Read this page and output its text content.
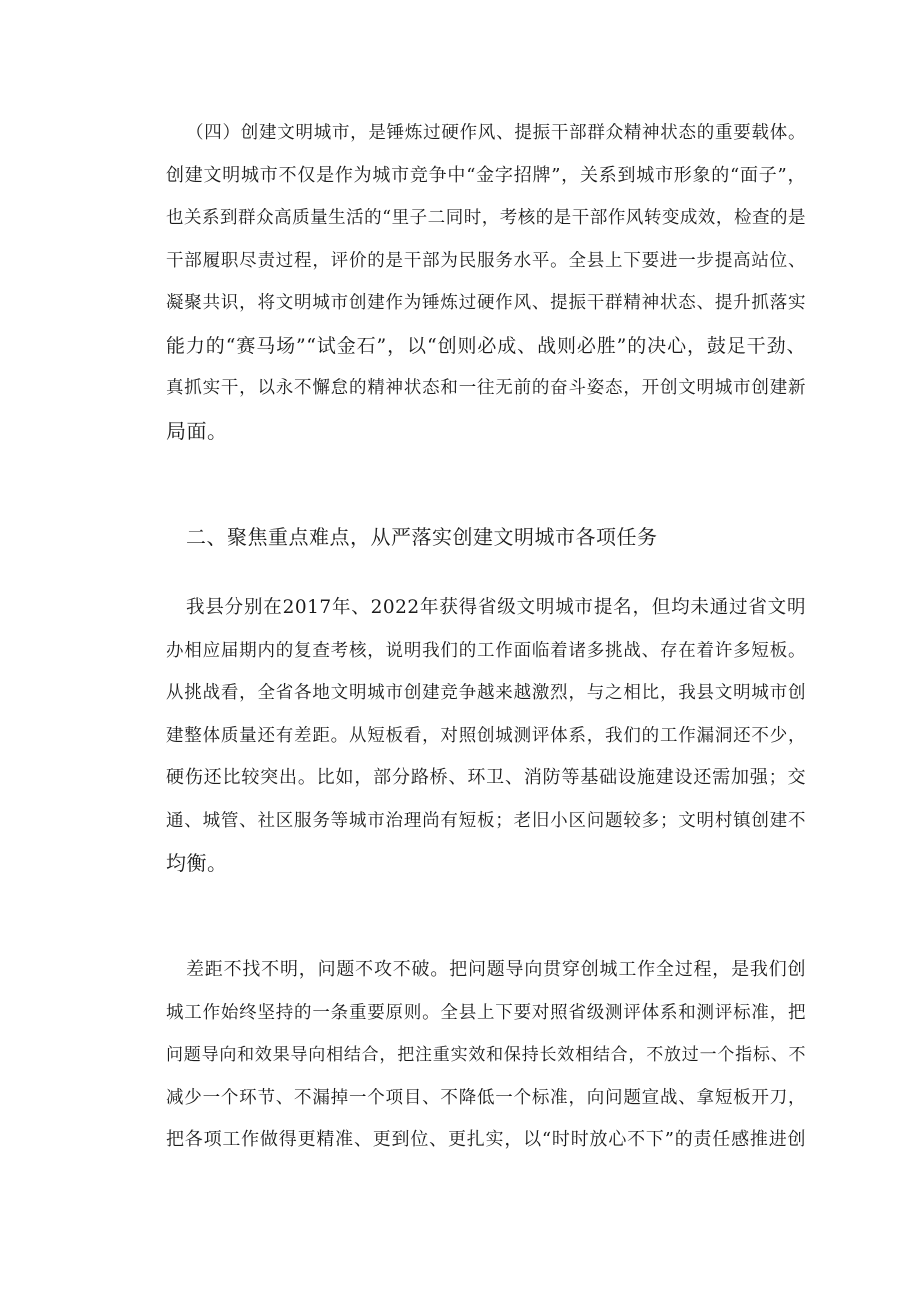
（四）创建文明城市，是锤炼过硬作风、提振干部群众精神状态的重要载体。
创建文明城市不仅是作为城市竞争中“金字招牌”，关系到城市形象的“面子”，
也关系到群众高质量生活的“里子二同时，考核的是干部作风转变成效，检查的是
干部履职尽责过程，评价的是干部为民服务水平。全县上下要进一步提高站位、
凝聚共识，将文明城市创建作为锤炼过硬作风、提振干群精神状态、提升抓落实
能力的“赛马场”“试金石”，以“创则必成、战则必胜”的决心，鼓足干劲、
真抓实干，以永不懈怠的精神状态和一往无前的奋斗姿态，开创文明城市创建新
局面。
二、聚焦重点难点，从严落实创建文明城市各项任务
我县分别在2017年、2022年获得省级文明城市提名，但均未通过省文明
办相应届期内的复查考核，说明我们的工作面临着诸多挑战、存在着许多短板。
从挑战看，全省各地文明城市创建竞争越来越激烈，与之相比，我县文明城市创
建整体质量还有差距。从短板看，对照创城测评体系，我们的工作漏洞还不少，
硬伤还比较突出。比如，部分路桥、环卫、消防等基础设施建设还需加强；交
通、城管、社区服务等城市治理尚有短板；老旧小区问题较多；文明村镇创建不
均衡。
差距不找不明，问题不攻不破。把问题导向贯穿创城工作全过程，是我们创
城工作始终坚持的一条重要原则。全县上下要对照省级测评体系和测评标准，把
问题导向和效果导向相结合，把注重实效和保持长效相结合，不放过一个指标、不
减少一个环节、不漏掉一个项目、不降低一个标准，向问题宣战、拿短板开刀，
把各项工作做得更精准、更到位、更扎实，以“时时放心不下”的责任感推进创
